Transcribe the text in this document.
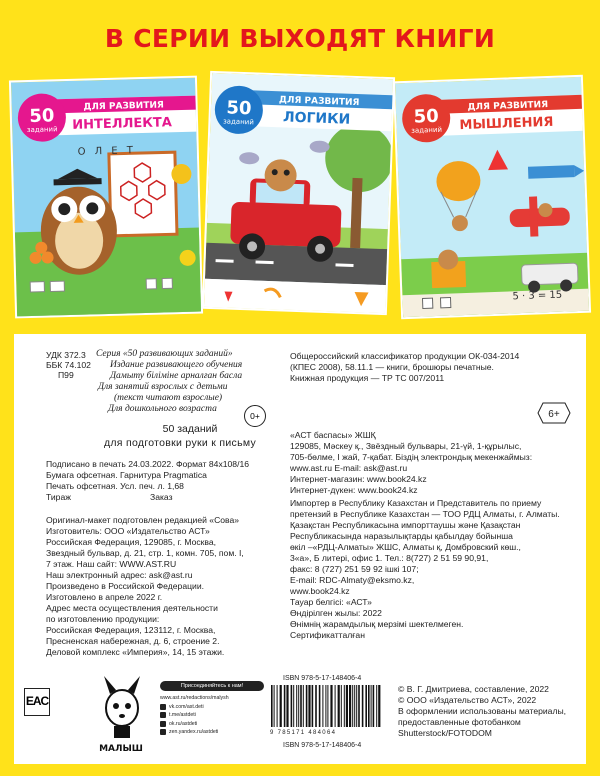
В СЕРИИ ВЫХОДЯТ КНИГИ
ДЛЯ РАЗВИТИЯ
ИНТЕЛЛЕКТА
50
заданий
О Л Е Т
ДЛЯ РАЗВИТИЯ
ЛОГИКИ
50
заданий
ДЛЯ РАЗВИТИЯ
МЫШЛЕНИЯ
50
заданий
5 · 3 = 15
УДК 372.3
ББК 74.102
П99
Серия «50 развивающих заданий»
Издание развивающего обучения
Дамыту біліміне арналған басла
Для занятий взрослых с детьми
(текст читают взрослые)
Для дошкольного возраста
0+
50 заданий
для подготовки руки к письму
Подписано в печать 24.03.2022. Формат 84x108/16
Бумага офсетная. Гарнитура Pragmatica
Печать офсетная. Усл. печ. л. 1,68
Тираж	Заказ
Оригинал-макет подготовлен редакцией «Сова»
Изготовитель: ООО «Издательство АСТ»
Российская Федерация, 129085, г. Москва,
Звездный бульвар, д. 21, стр. 1, комн. 705, пом. I,
7 этаж. Наш сайт: WWW.AST.RU
Наш электронный адрес: ask@ast.ru
Произведено в Российской Федерации.
Изготовлено в апреле 2022 г.
Адрес места осуществления деятельности
по изготовлению продукции:
Российская Федерация, 123112, г. Москва,
Пресненская набережная, д. 6, строение 2.
Деловой комплекс «Империя», 14, 15 этажи.
Общероссийский классификатор продукции ОК-034-2014
(КПЕС 2008), 58.11.1 — книги, брошюры печатные.
Книжная продукция — ТР ТС 007/2011
6+
«АСТ баспасы» ЖШҚ
129085, Мәскеу қ., Звёздный бульвары, 21-үй, 1-құрылыс,
705-бөлме, I жай, 7-қабат. Біздің электрондық мекенжаймыз:
www.ast.ru E-mail: ask@ast.ru
Интернет-магазин: www.book24.kz
Интернет-дүкен: www.book24.kz
Импортер в Республику Казахстан и Представитель по приему
претензий в Республике Казахстан — ТОО РДЦ Алматы, г. Алматы.
Қазақстан Республикасына импорттаушы және Қазақстан
Республикасында наразылықтарды қабылдау бойынша
өкіл –«РДЦ-Алматы» ЖШС, Алматы қ, Домбровский көш.,
3«а», Б литері, офис 1. Тел.: 8(727) 2 51 59 90,91,
факс: 8 (727) 251 59 92 ішкі 107;
E-mail: RDC-Almaty@eksmo.kz,
www.book24.kz
Тауар белгісі: «АСТ»
Өндірілген жылы: 2022
Өнімнің жарамдылық мерзімі шектелмеген.
Сертификатталған
EAC
МАЛЫШ
Присоединяйтесь к нам!
www.ast.ru/redactions/malysh
vk.com/ast.deti
t.me/astdeti
ok.ru/astdeti
zen.yandex.ru/astdeti
ISBN 978-5-17-148406-4
9 785171 484064
ISBN 978-5-17-148406-4
© В. Г. Дмитриева, составление, 2022
© ООО «Издательство АСТ», 2022
В оформлении использованы материалы,
предоставленные фотобанком
Shutterstock/FOTODOM
